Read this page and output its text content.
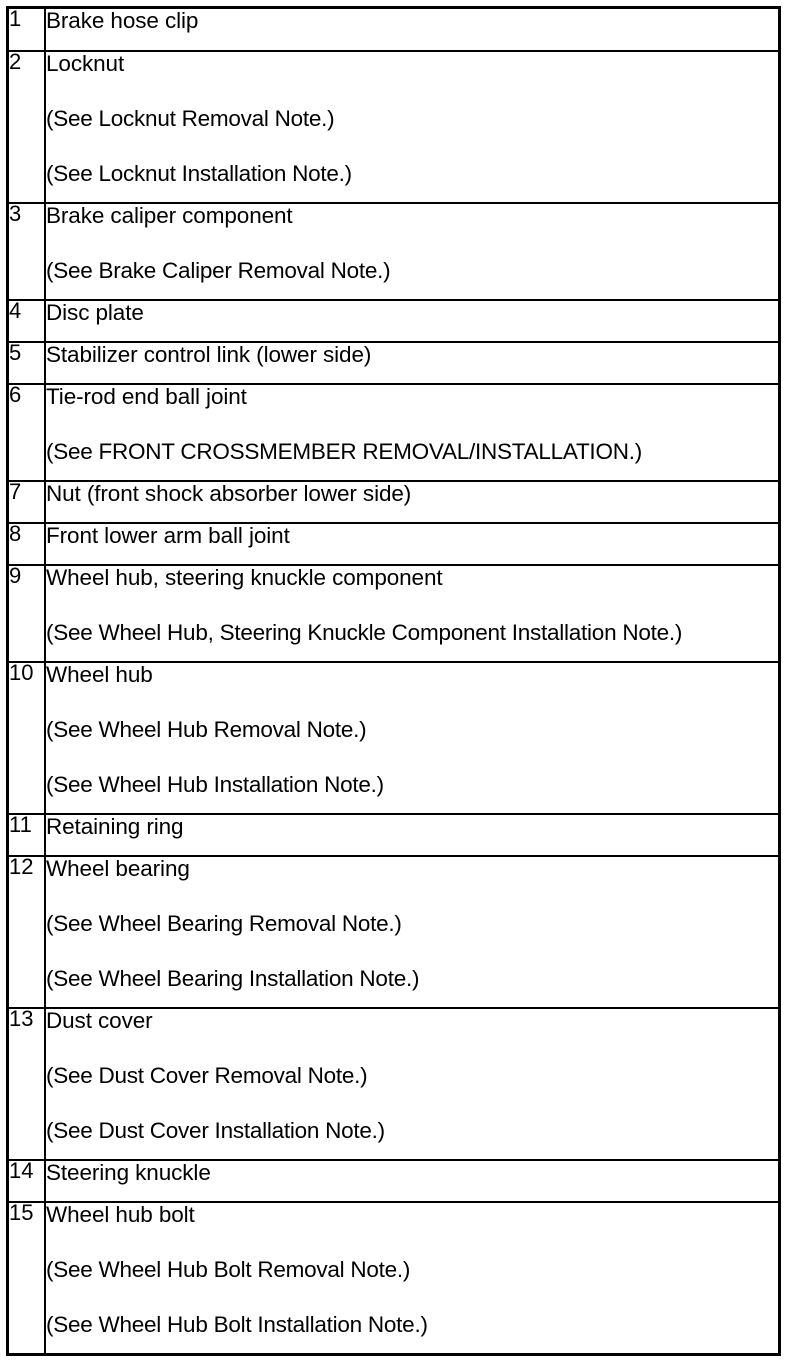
1	Brake hose clip

2	Locknut
(See Locknut Removal Note.)
(See Locknut Installation Note.)

3	Brake caliper component
(See Brake Caliper Removal Note.)

4	Disc plate

5	Stabilizer control link (lower side)

6	Tie-rod end ball joint
(See FRONT CROSSMEMBER REMOVAL/INSTALLATION.)

7	Nut (front shock absorber lower side)

8	Front lower arm ball joint

9	Wheel hub, steering knuckle component
(See Wheel Hub, Steering Knuckle Component Installation Note.)

10	Wheel hub
(See Wheel Hub Removal Note.)
(See Wheel Hub Installation Note.)

11	Retaining ring

12	Wheel bearing
(See Wheel Bearing Removal Note.)
(See Wheel Bearing Installation Note.)

13	Dust cover
(See Dust Cover Removal Note.)
(See Dust Cover Installation Note.)

14	Steering knuckle

15	Wheel hub bolt
(See Wheel Hub Bolt Removal Note.)
(See Wheel Hub Bolt Installation Note.)
